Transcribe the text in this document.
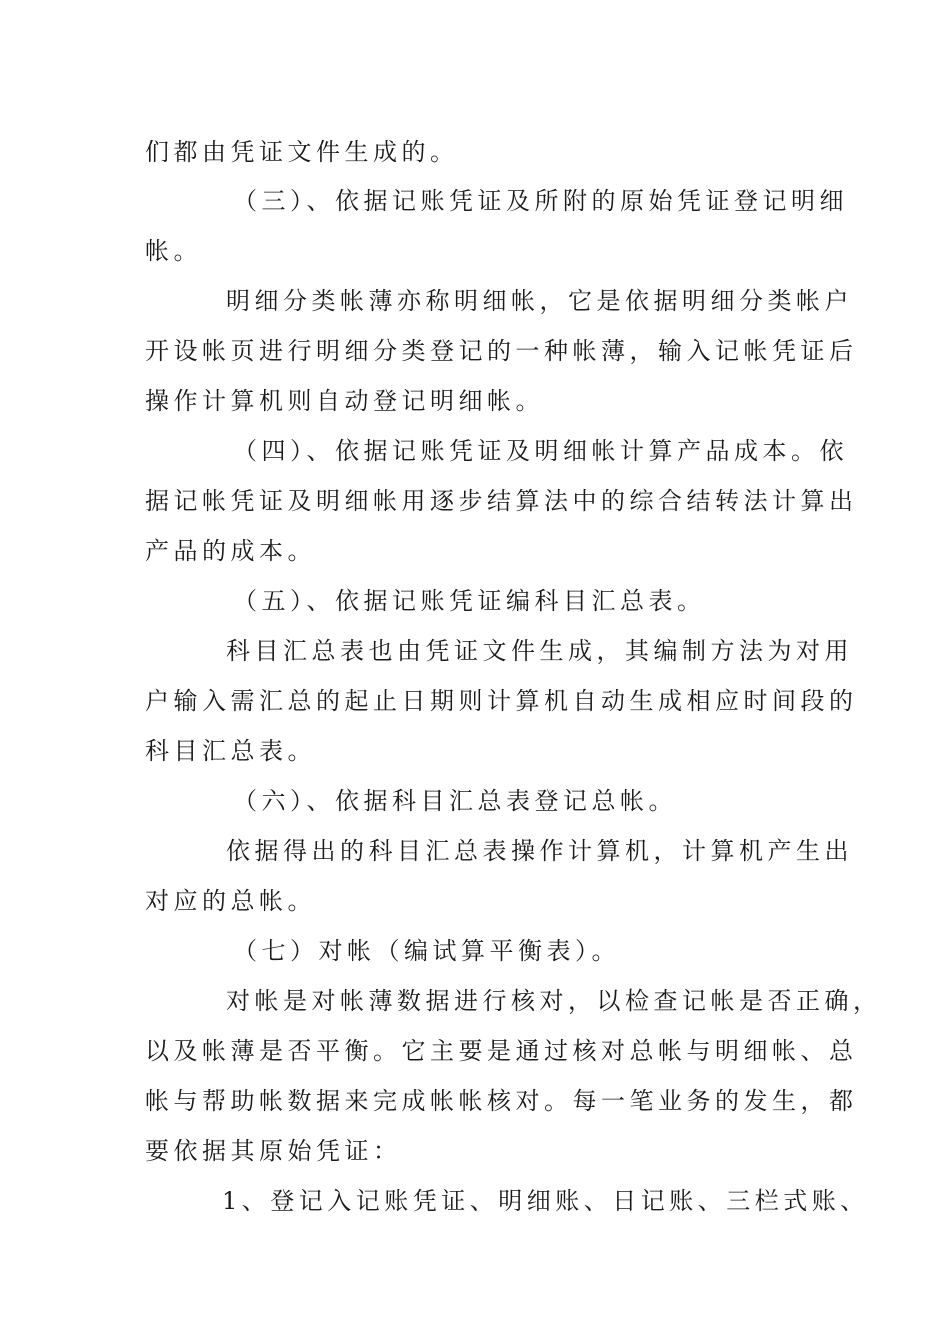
们都由凭证文件生成的。
（三）、依据记账凭证及所附的原始凭证登记明细
帐。
明细分类帐薄亦称明细帐，它是依据明细分类帐户
开设帐页进行明细分类登记的一种帐薄，输入记帐凭证后
操作计算机则自动登记明细帐。
（四）、依据记账凭证及明细帐计算产品成本。依
据记帐凭证及明细帐用逐步结算法中的综合结转法计算出
产品的成本。
（五）、依据记账凭证编科目汇总表。
科目汇总表也由凭证文件生成，其编制方法为对用
户输入需汇总的起止日期则计算机自动生成相应时间段的
科目汇总表。
（六）、依据科目汇总表登记总帐。
依据得出的科目汇总表操作计算机，计算机产生出
对应的总帐。
（七）对帐（编试算平衡表）。
对帐是对帐薄数据进行核对，以检查记帐是否正确，
以及帐薄是否平衡。它主要是通过核对总帐与明细帐、总
帐与帮助帐数据来完成帐帐核对。每一笔业务的发生，都
要依据其原始凭证：
1、登记入记账凭证、明细账、日记账、三栏式账、
